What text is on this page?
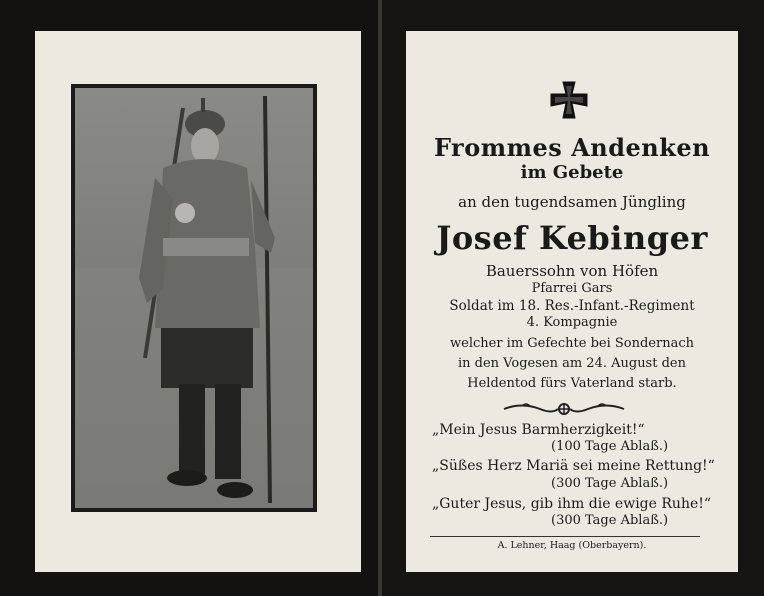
Frommes Andenken
im Gebete
an den tugendsamen Jüngling
Josef Kebinger
Bauerssohn von Höfen
Pfarrei Gars
Soldat im 18. Res.-Infant.-Regiment
4. Kompagnie
welcher im Gefechte bei Sondernach
in den Vogesen am 24. August den
Heldentod fürs Vaterland starb.
„Mein Jesus Barmherzigkeit!“
(100 Tage Ablaß.)
„Süßes Herz Mariä sei meine Rettung!“
(300 Tage Ablaß.)
„Guter Jesus, gib ihm die ewige Ruhe!“
(300 Tage Ablaß.)
A. Lehner, Haag (Oberbayern).
